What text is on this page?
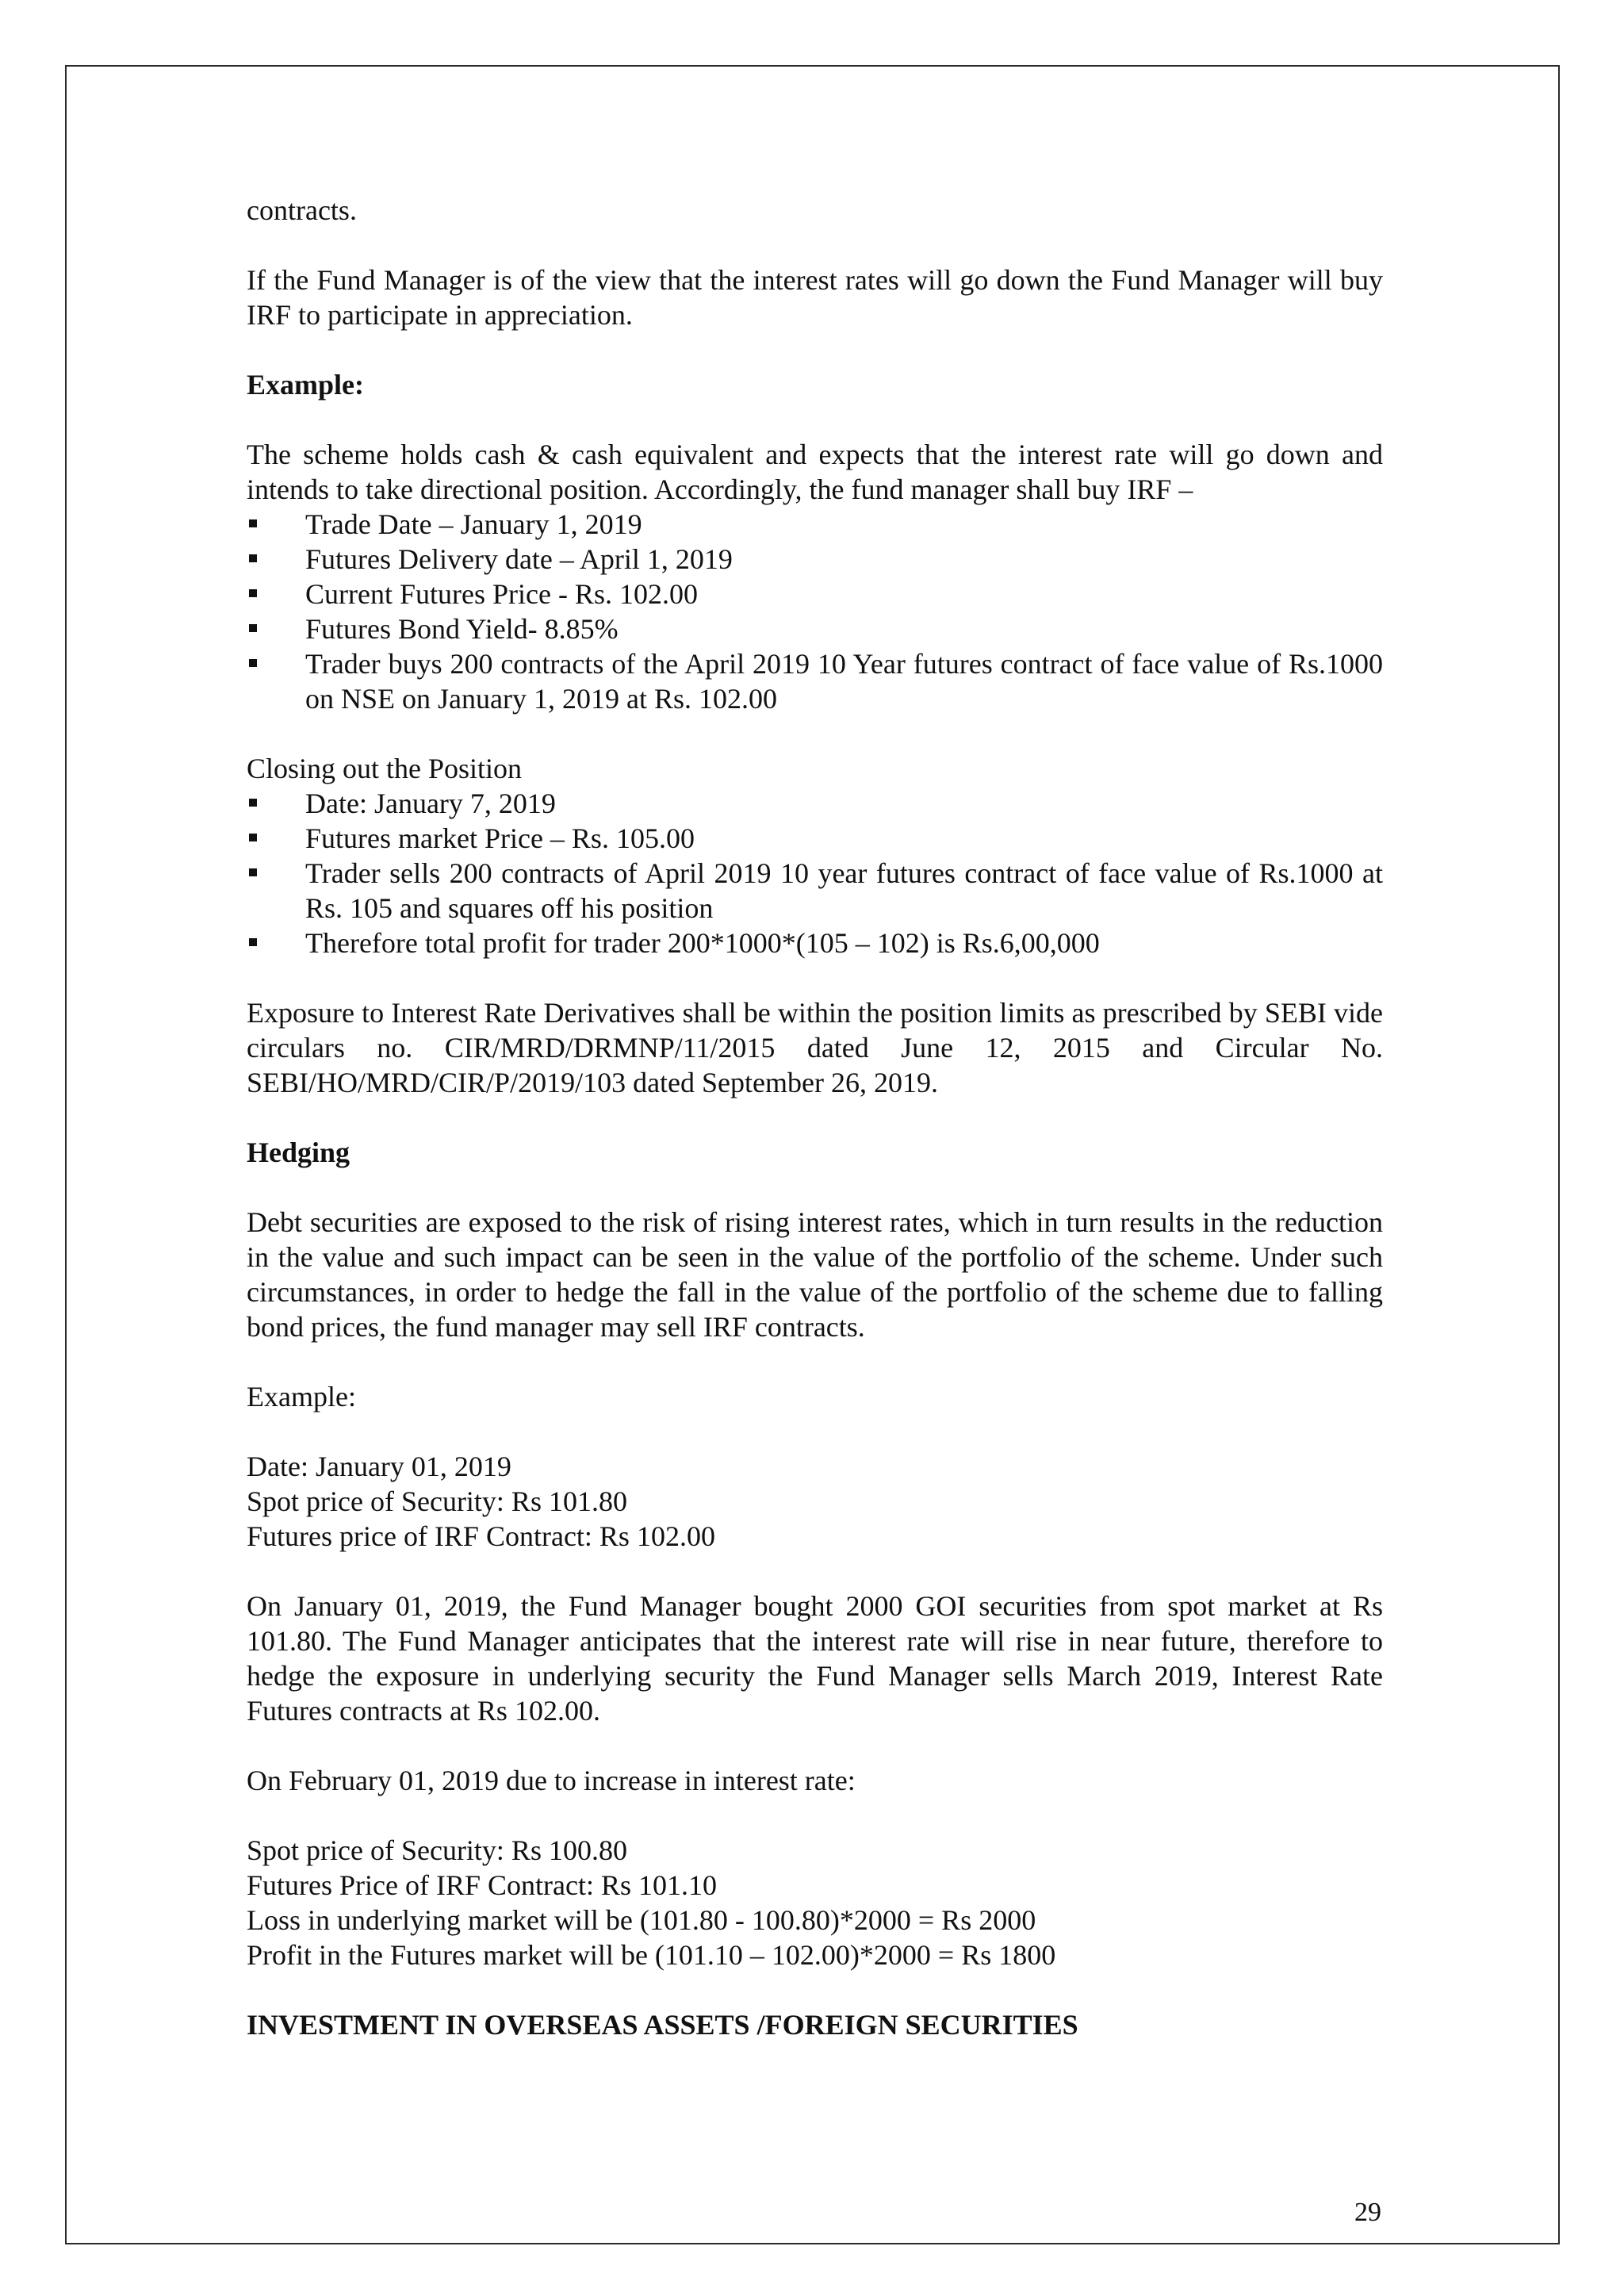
contracts.

If the Fund Manager is of the view that the interest rates will go down the Fund Manager will buy IRF to participate in appreciation.

Example:

The scheme holds cash & cash equivalent and expects that the interest rate will go down and intends to take directional position. Accordingly, the fund manager shall buy IRF –

Trade Date – January 1, 2019
Futures Delivery date – April 1, 2019
Current Futures Price - Rs. 102.00
Futures Bond Yield- 8.85%
Trader buys 200 contracts of the April 2019 10 Year futures contract of face value of Rs.1000 on NSE on January 1, 2019 at Rs. 102.00

Closing out the Position

Date: January 7, 2019
Futures market Price – Rs. 105.00
Trader sells 200 contracts of April 2019 10 year futures contract of face value of Rs.1000 at Rs. 105 and squares off his position
Therefore total profit for trader 200*1000*(105 – 102) is Rs.6,00,000

Exposure to Interest Rate Derivatives shall be within the position limits as prescribed by SEBI vide circulars no. CIR/MRD/DRMNP/11/2015 dated June 12, 2015 and Circular No. SEBI/HO/MRD/CIR/P/2019/103 dated September 26, 2019.

Hedging

Debt securities are exposed to the risk of rising interest rates, which in turn results in the reduction in the value and such impact can be seen in the value of the portfolio of the scheme. Under such circumstances, in order to hedge the fall in the value of the portfolio of the scheme due to falling bond prices, the fund manager may sell IRF contracts.

Example:

Date: January 01, 2019

Spot price of Security: Rs 101.80

Futures price of IRF Contract: Rs 102.00

On January 01, 2019, the Fund Manager bought 2000 GOI securities from spot market at Rs 101.80. The Fund Manager anticipates that the interest rate will rise in near future, therefore to hedge the exposure in underlying security the Fund Manager sells March 2019, Interest Rate Futures contracts at Rs 102.00.

On February 01, 2019 due to increase in interest rate:

Spot price of Security: Rs 100.80

Futures Price of IRF Contract: Rs 101.10

Loss in underlying market will be (101.80 - 100.80)*2000 = Rs 2000

Profit in the Futures market will be (101.10 – 102.00)*2000 = Rs 1800

INVESTMENT IN OVERSEAS ASSETS /FOREIGN SECURITIES

29
